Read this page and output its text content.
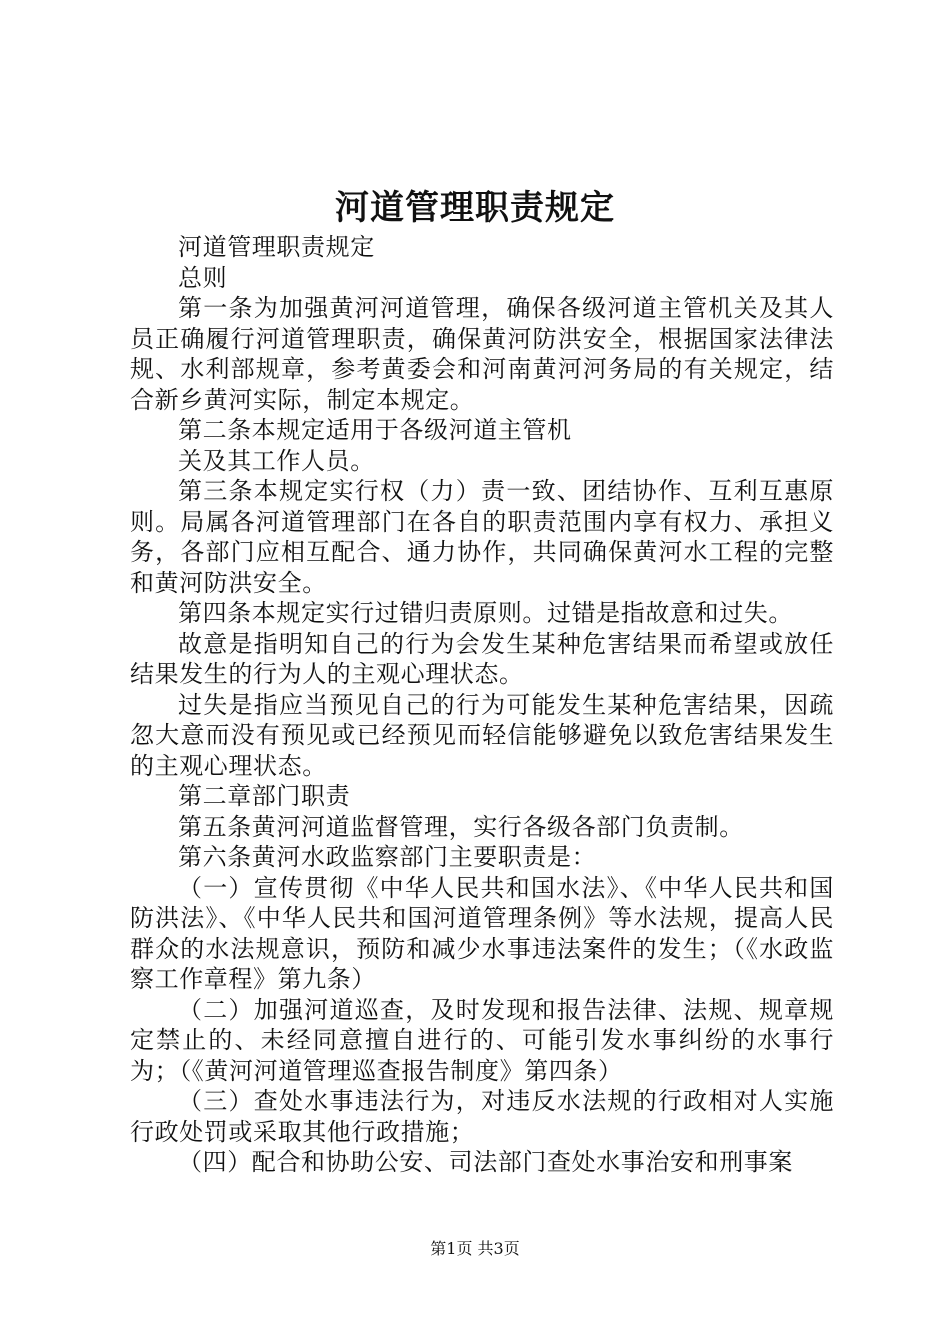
河道管理职责规定

河道管理职责规定

总则

第一条为加强黄河河道管理，确保各级河道主管机关及其人员正确履行河道管理职责，确保黄河防洪安全，根据国家法律法规、水利部规章，参考黄委会和河南黄河河务局的有关规定，结合新乡黄河实际，制定本规定。

第二条本规定适用于各级河道主管机

关及其工作人员。

第三条本规定实行权（力）责一致、团结协作、互利互惠原则。局属各河道管理部门在各自的职责范围内享有权力、承担义务，各部门应相互配合、通力协作，共同确保黄河水工程的完整和黄河防洪安全。

第四条本规定实行过错归责原则。过错是指故意和过失。

故意是指明知自己的行为会发生某种危害结果而希望或放任结果发生的行为人的主观心理状态。

过失是指应当预见自己的行为可能发生某种危害结果，因疏忽大意而没有预见或已经预见而轻信能够避免以致危害结果发生的主观心理状态。

第二章部门职责

第五条黄河河道监督管理，实行各级各部门负责制。

第六条黄河水政监察部门主要职责是：

（一）宣传贯彻《中华人民共和国水法》、《中华人民共和国防洪法》、《中华人民共和国河道管理条例》等水法规，提高人民群众的水法规意识，预防和减少水事违法案件的发生；（《水政监察工作章程》第九条）

（二）加强河道巡查，及时发现和报告法律、法规、规章规定禁止的、未经同意擅自进行的、可能引发水事纠纷的水事行为；（《黄河河道管理巡查报告制度》第四条）

（三）查处水事违法行为，对违反水法规的行政相对人实施行政处罚或采取其他行政措施；

（四）配合和协助公安、司法部门查处水事治安和刑事案

第1页 共3页
